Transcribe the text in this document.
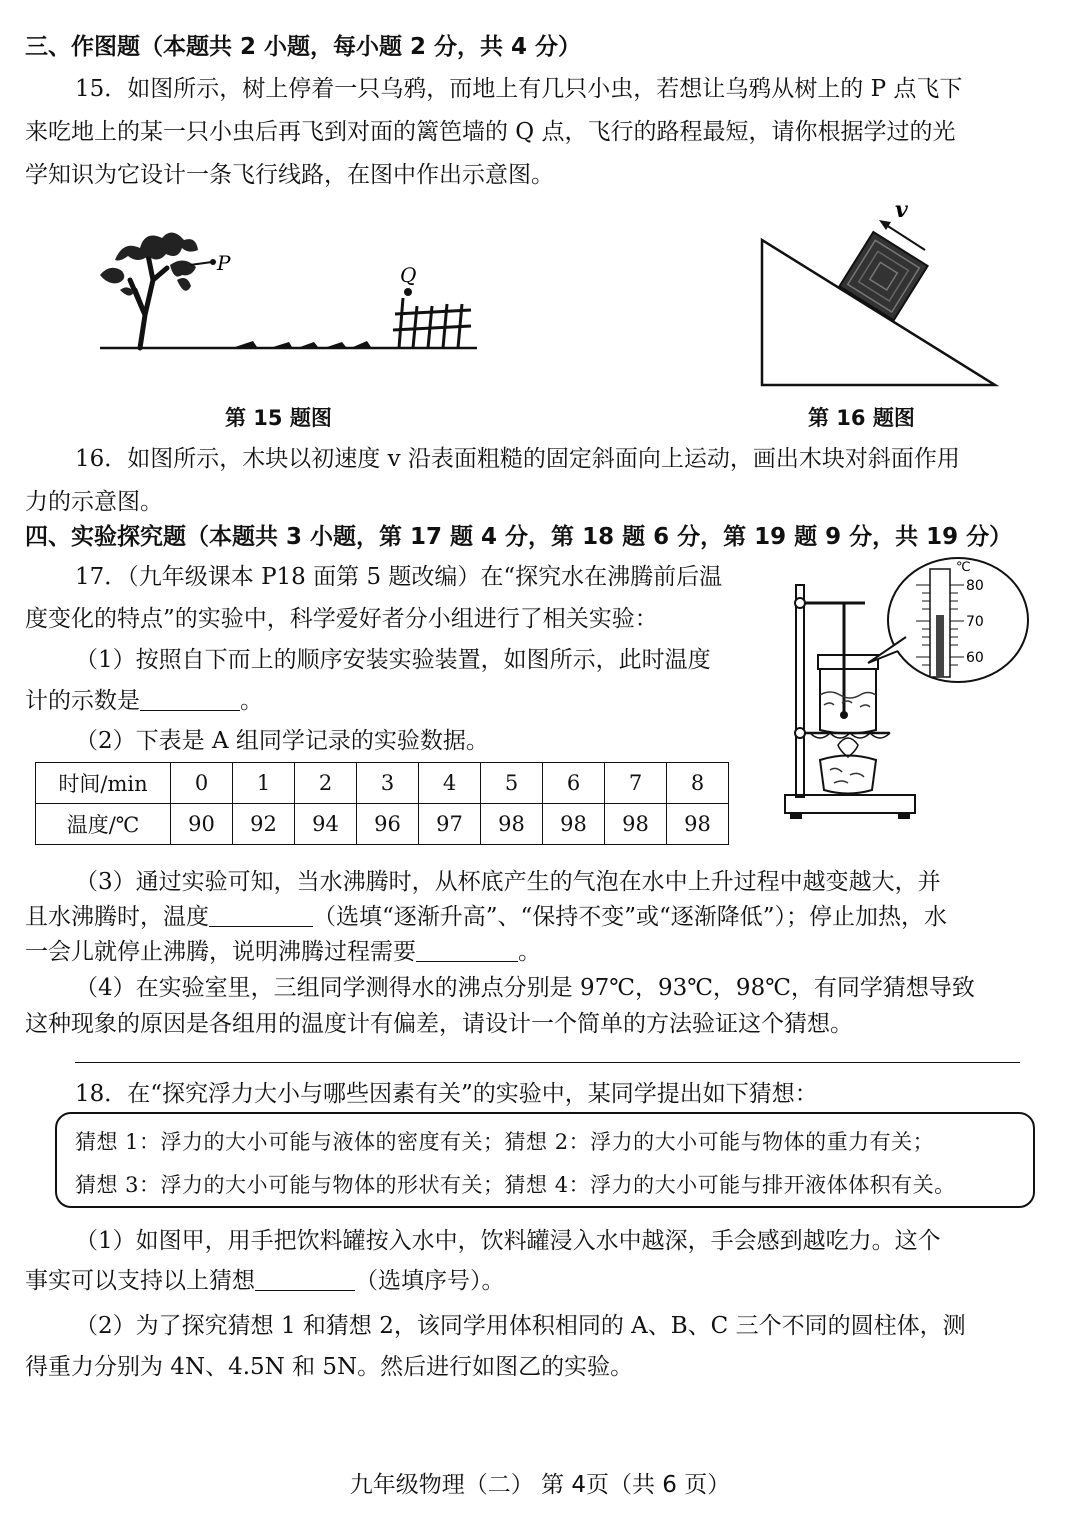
三、作图题（本题共 2 小题，每小题 2 分，共 4 分）
15．如图所示，树上停着一只乌鸦，而地上有几只小虫，若想让乌鸦从树上的 P 点飞下
来吃地上的某一只小虫后再飞到对面的篱笆墙的 Q 点，飞行的路程最短，请你根据学过的光
学知识为它设计一条飞行线路，在图中作出示意图。
P	Q
v
第 15 题图	第 16 题图
16．如图所示，木块以初速度 v 沿表面粗糙的固定斜面向上运动，画出木块对斜面作用
力的示意图。
四、实验探究题（本题共 3 小题，第 17 题 4 分，第 18 题 6 分，第 19 题 9 分，共 19 分）
17．（九年级课本 P18 面第 5 题改编）在“探究水在沸腾前后温
度变化的特点”的实验中，科学爱好者分小组进行了相关实验：
（1）按照自下而上的顺序安装实验装置，如图所示，此时温度
计的示数是	。
（2）下表是 A 组同学记录的实验数据。
℃
80
70
60
时间/min	0	1	2	3	4	5	6	7	8
温度/℃	90	92	94	96	97	98	98	98	98
（3）通过实验可知，当水沸腾时，从杯底产生的气泡在水中上升过程中越变越大，并
且水沸腾时，温度	（选填“逐渐升高”、“保持不变”或“逐渐降低”）；停止加热，水
一会儿就停止沸腾，说明沸腾过程需要	。
（4）在实验室里，三组同学测得水的沸点分别是 97℃，93℃，98℃，有同学猜想导致
这种现象的原因是各组用的温度计有偏差，请设计一个简单的方法验证这个猜想。
18．在“探究浮力大小与哪些因素有关”的实验中，某同学提出如下猜想：
猜想 1：浮力的大小可能与液体的密度有关；猜想 2：浮力的大小可能与物体的重力有关；
猜想 3：浮力的大小可能与物体的形状有关；猜想 4：浮力的大小可能与排开液体体积有关。
（1）如图甲，用手把饮料罐按入水中，饮料罐浸入水中越深，手会感到越吃力。这个
事实可以支持以上猜想	（选填序号）。
（2）为了探究猜想 1 和猜想 2，该同学用体积相同的 A、B、C 三个不同的圆柱体，测
得重力分别为 4N、4.5N 和 5N。然后进行如图乙的实验。
九年级物理（二） 第 4页（共 6 页）
